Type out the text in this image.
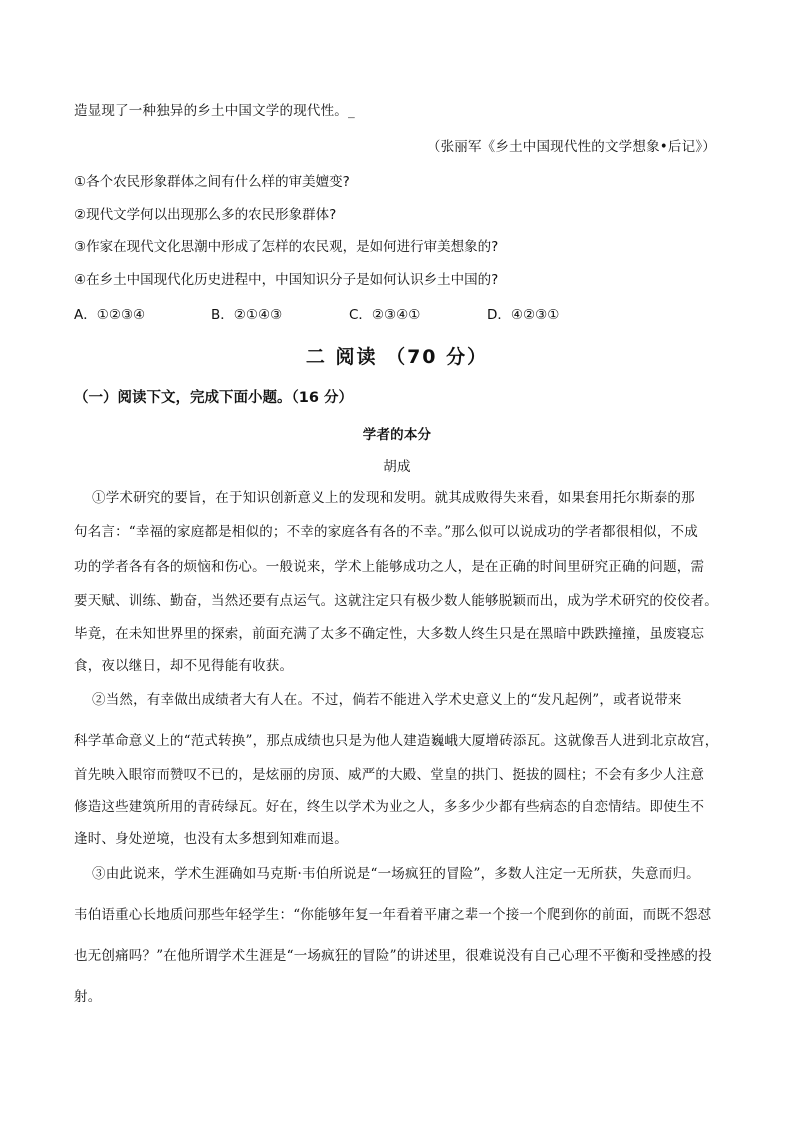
造显现了一种独异的乡土中国文学的现代性。_
（张丽军《乡土中国现代性的文学想象•后记》）
①各个农民形象群体之间有什么样的审美嬗变?
②现代文学何以出现那么多的农民形象群体?
③作家在现代文化思潮中形成了怎样的农民观，是如何进行审美想象的?
④在乡土中国现代化历史进程中，中国知识分子是如何认识乡土中国的?
A．①②③④	B．②①④③	C．②③④①	D．④②③①
二 阅读 （70 分）
（一）阅读下文，完成下面小题。（16 分）
学者的本分
胡成
①学术研究的要旨，在于知识创新意义上的发现和发明。就其成败得失来看，如果套用托尔斯泰的那
句名言：“幸福的家庭都是相似的；不幸的家庭各有各的不幸。”那么似可以说成功的学者都很相似，不成
功的学者各有各的烦恼和伤心。一般说来，学术上能够成功之人，是在正确的时间里研究正确的问题，需
要天赋、训练、勤奋，当然还要有点运气。这就注定只有极少数人能够脱颖而出，成为学术研究的佼佼者。
毕竟，在未知世界里的探索，前面充满了太多不确定性，大多数人终生只是在黑暗中跌跌撞撞，虽废寝忘
食，夜以继日，却不见得能有收获。
②当然，有幸做出成绩者大有人在。不过，倘若不能进入学术史意义上的“发凡起例”，或者说带来
科学革命意义上的“范式转换”，那点成绩也只是为他人建造巍峨大厦增砖添瓦。这就像吾人进到北京故宫，
首先映入眼帘而赞叹不已的，是炫丽的房顶、威严的大殿、堂皇的拱门、挺拔的圆柱；不会有多少人注意
修造这些建筑所用的青砖绿瓦。好在，终生以学术为业之人，多多少少都有些病态的自恋情结。即使生不
逢时、身处逆境，也没有太多想到知难而退。
③由此说来，学术生涯确如马克斯·韦伯所说是“一场疯狂的冒险”，多数人注定一无所获，失意而归。
韦伯语重心长地质问那些年轻学生：“你能够年复一年看着平庸之辈一个接一个爬到你的前面，而既不怨怼
也无创痛吗？”在他所谓学术生涯是“一场疯狂的冒险”的讲述里，很难说没有自己心理不平衡和受挫感的投
射。
